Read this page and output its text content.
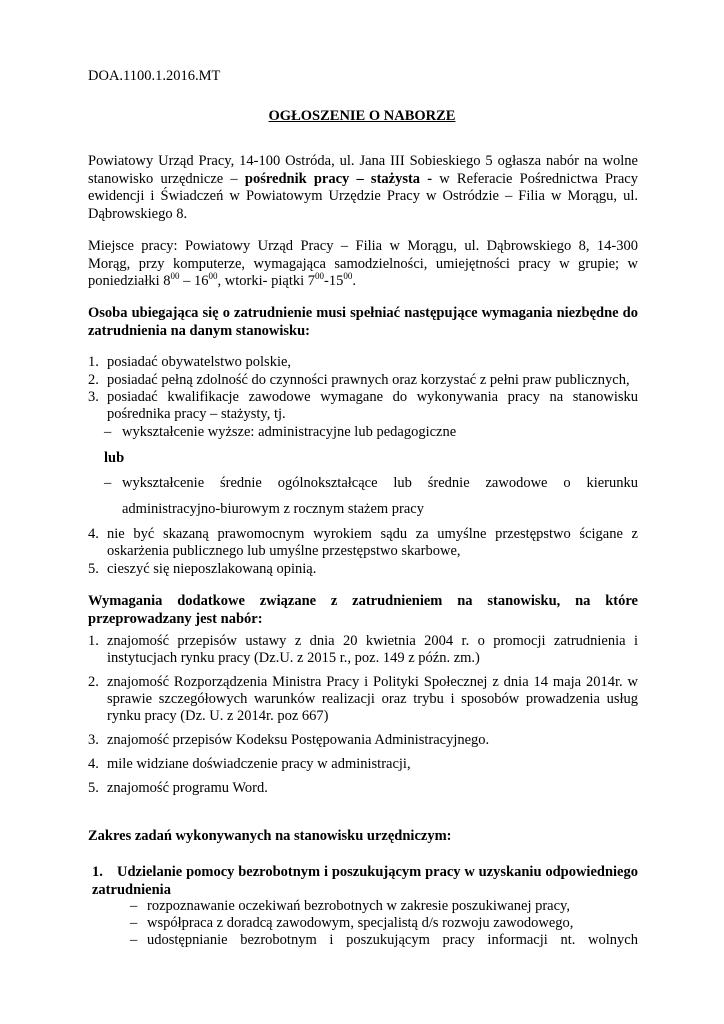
DOA.1100.1.2016.MT
OGŁOSZENIE O NABORZE
Powiatowy Urząd Pracy, 14-100 Ostróda, ul. Jana III Sobieskiego 5 ogłasza nabór na wolne stanowisko urzędnicze – pośrednik pracy – stażysta - w Referacie Pośrednictwa Pracy ewidencji i Świadczeń w Powiatowym Urzędzie Pracy w Ostródzie – Filia w Morągu, ul. Dąbrowskiego 8.
Miejsce pracy: Powiatowy Urząd Pracy – Filia w Morągu, ul. Dąbrowskiego 8, 14-300 Morąg, przy komputerze, wymagająca samodzielności, umiejętności pracy w grupie; w poniedziałki $8^{00} - 16^{00}$, wtorki- piątki $7^{00}-15^{00}$.
Osoba ubiegająca się o zatrudnienie musi spełniać następujące wymagania niezbędne do zatrudnienia na danym stanowisku:
1. posiadać obywatelstwo polskie,
2. posiadać pełną zdolność do czynności prawnych oraz korzystać z pełni praw publicznych,
3. posiadać kwalifikacje zawodowe wymagane do wykonywania pracy na stanowisku pośrednika pracy – stażysty, tj.
– wykształcenie wyższe: administracyjne lub pedagogiczne
lub
– wykształcenie średnie ogólnokształcące lub średnie zawodowe o kierunku
administracyjno-biurowym z rocznym stażem pracy
4. nie być skazaną prawomocnym wyrokiem sądu za umyślne przestępstwo ścigane z oskarżenia publicznego lub umyślne przestępstwo skarbowe,
5. cieszyć się nieposzlakowaną opinią.
Wymagania dodatkowe związane z zatrudnieniem na stanowisku, na które przeprowadzany jest nabór:
1. znajomość przepisów ustawy z dnia 20 kwietnia 2004 r. o promocji zatrudnienia i instytucjach rynku pracy (Dz.U. z 2015 r., poz. 149 z późn. zm.)
2. znajomość Rozporządzenia Ministra Pracy i Polityki Społecznej z dnia 14 maja 2014r. w sprawie szczegółowych warunków realizacji oraz trybu i sposobów prowadzenia usług rynku pracy (Dz. U. z 2014r. poz 667)
3. znajomość przepisów Kodeksu Postępowania Administracyjnego.
4. mile widziane doświadczenie pracy w administracji,
5. znajomość programu Word.
Zakres zadań wykonywanych na stanowisku urzędniczym:
1. Udzielanie pomocy bezrobotnym i poszukującym pracy w uzyskaniu odpowiedniego zatrudnienia
– rozpoznawanie oczekiwań bezrobotnych w zakresie poszukiwanej pracy,
– współpraca z doradcą zawodowym, specjalistą d/s rozwoju zawodowego,
– udostępnianie bezrobotnym i poszukującym pracy informacji nt. wolnych
